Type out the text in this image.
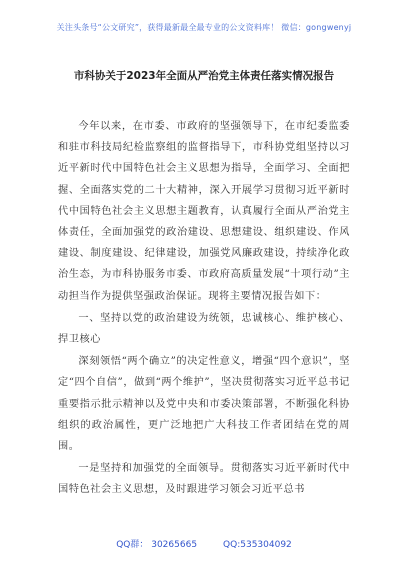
关注头条号“公文研究”，获得最新最全最专业的公文资料库！ 微信：gongwenyj
市科协关于2023年全面从严治党主体责任落实情况报告

今年以来，在市委、市政府的坚强领导下，在市纪委监委和驻市科技局纪检监察组的监督指导下，市科协党组坚持以习近平新时代中国特色社会主义思想为指导，全面学习、全面把握、全面落实党的二十大精神，深入开展学习贯彻习近平新时代中国特色社会主义思想主题教育，认真履行全面从严治党主体责任，全面加强党的政治建设、思想建设、组织建设、作风建设、制度建设、纪律建设，加强党风廉政建设，持续净化政治生态，为市科协服务市委、市政府高质量发展“十项行动”主动担当作为提供坚强政治保证。现将主要情况报告如下：

一、坚持以党的政治建设为统领，忠诚核心、维护核心、捍卫核心

深刻领悟“两个确立”的决定性意义，增强“四个意识”，坚定“四个自信”，做到“两个维护”，坚决贯彻落实习近平总书记重要指示批示精神以及党中央和市委决策部署，不断强化科协组织的政治属性，更广泛地把广大科技工作者团结在党的周围。

一是坚持和加强党的全面领导。贯彻落实习近平新时代中国特色社会主义思想，及时跟进学习领会习近平总书

QQ群： 30265665	QQ:535304092
